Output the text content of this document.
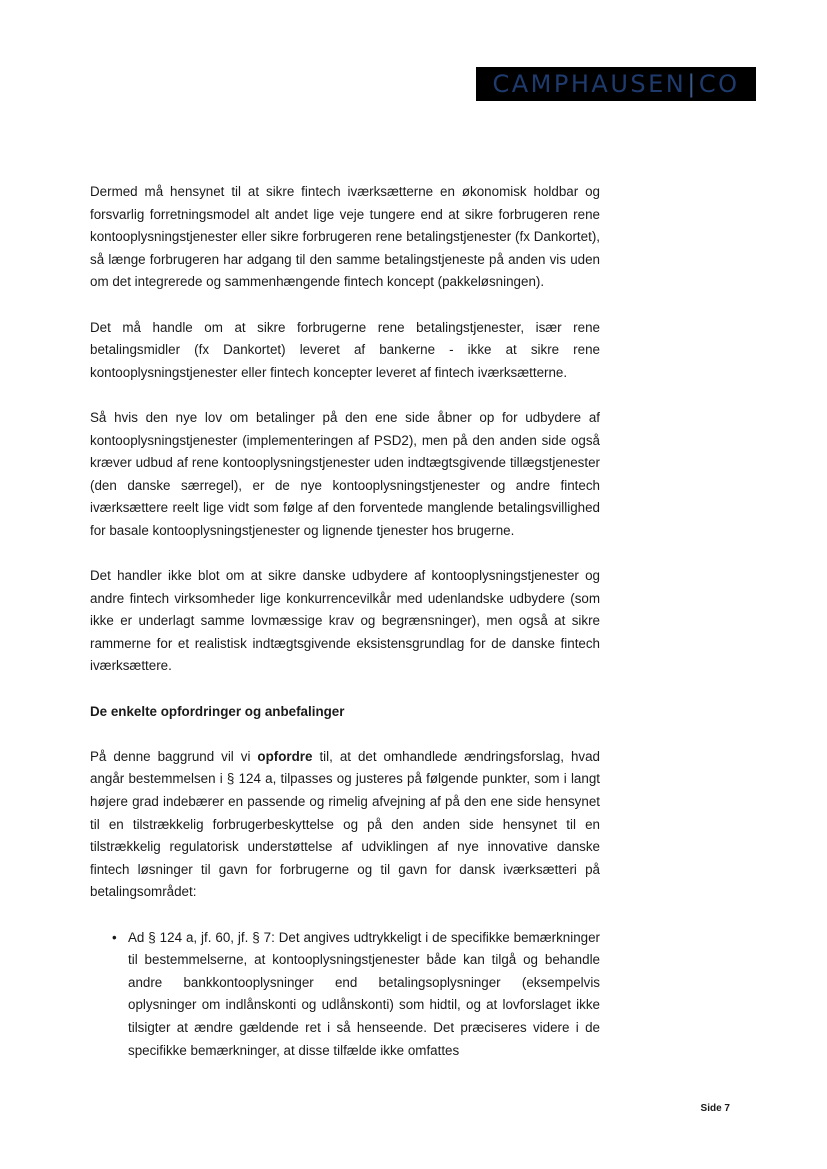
CAMPHAUSEN | CO

Dermed må hensynet til at sikre fintech iværksætterne en økonomisk holdbar og forsvarlig forretningsmodel alt andet lige veje tungere end at sikre forbrugeren rene kontooplysningstjenester eller sikre forbrugeren rene betalingstjenester (fx Dankortet), så længe forbrugeren har adgang til den samme betalingstjeneste på anden vis uden om det integrerede og sammenhængende fintech koncept (pakkeløsningen).

Det må handle om at sikre forbrugerne rene betalingstjenester, især rene betalingsmidler (fx Dankortet) leveret af bankerne - ikke at sikre rene kontooplysningstjenester eller fintech koncepter leveret af fintech iværksætterne.

Så hvis den nye lov om betalinger på den ene side åbner op for udbydere af kontooplysningstjenester (implementeringen af PSD2), men på den anden side også kræver udbud af rene kontooplysningstjenester uden indtægtsgivende tillægstjenester (den danske særregel), er de nye kontooplysningstjenester og andre fintech iværksættere reelt lige vidt som følge af den forventede manglende betalingsvillighed for basale kontooplysningstjenester og lignende tjenester hos brugerne.

Det handler ikke blot om at sikre danske udbydere af kontooplysningstjenester og andre fintech virksomheder lige konkurrencevilkår med udenlandske udbydere (som ikke er underlagt samme lovmæssige krav og begrænsninger), men også at sikre rammerne for et realistisk indtægtsgivende eksistensgrundlag for de danske fintech iværksættere.

De enkelte opfordringer og anbefalinger

På denne baggrund vil vi opfordre til, at det omhandlede ændringsforslag, hvad angår bestemmelsen i § 124 a, tilpasses og justeres på følgende punkter, som i langt højere grad indebærer en passende og rimelig afvejning af på den ene side hensynet til en tilstrækkelig forbrugerbeskyttelse og på den anden side hensynet til en tilstrækkelig regulatorisk understøttelse af udviklingen af nye innovative danske fintech løsninger til gavn for forbrugerne og til gavn for dansk iværksætteri på betalingsområdet:

• Ad § 124 a, jf. 60, jf. § 7: Det angives udtrykkeligt i de specifikke bemærkninger til bestemmelserne, at kontooplysningstjenester både kan tilgå og behandle andre bankkontooplysninger end betalingsoplysninger (eksempelvis oplysninger om indlånskonti og udlånskonti) som hidtil, og at lovforslaget ikke tilsigter at ændre gældende ret i så henseende. Det præciseres videre i de specifikke bemærkninger, at disse tilfælde ikke omfattes
Side 7
